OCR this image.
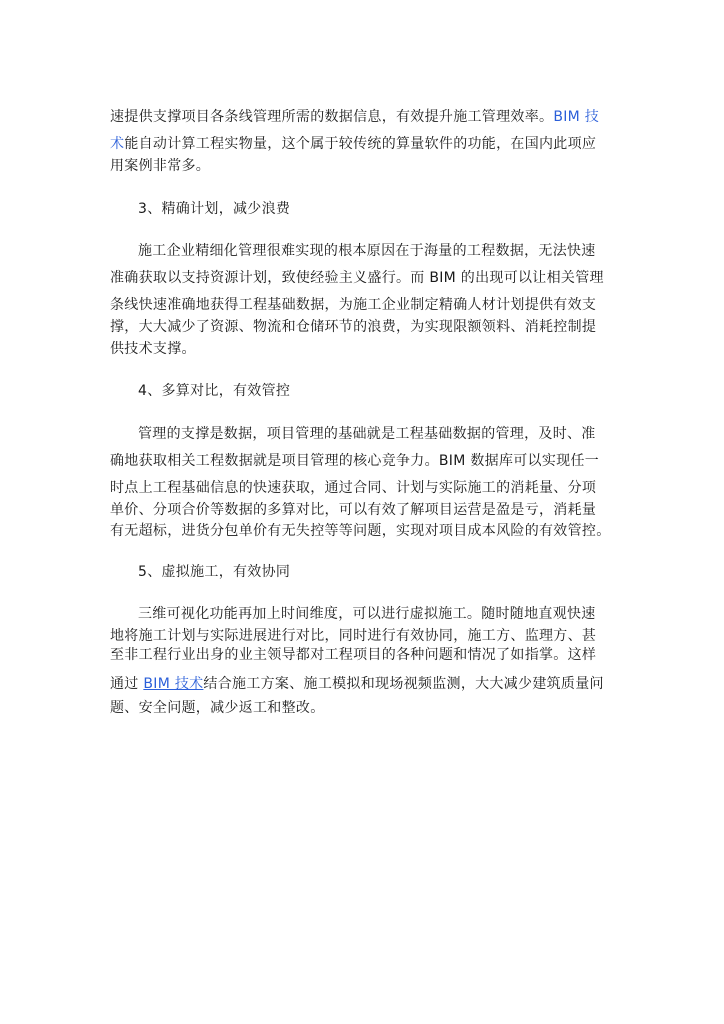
速提供支撑项目各条线管理所需的数据信息，有效提升施工管理效率。BIM 技
术能自动计算工程实物量，这个属于较传统的算量软件的功能，在国内此项应
用案例非常多。
3、精确计划，减少浪费
施工企业精细化管理很难实现的根本原因在于海量的工程数据，无法快速
准确获取以支持资源计划，致使经验主义盛行。而 BIM 的出现可以让相关管理
条线快速准确地获得工程基础数据，为施工企业制定精确人材计划提供有效支
撑，大大减少了资源、物流和仓储环节的浪费，为实现限额领料、消耗控制提
供技术支撑。
4、多算对比，有效管控
管理的支撑是数据，项目管理的基础就是工程基础数据的管理，及时、准
确地获取相关工程数据就是项目管理的核心竞争力。BIM 数据库可以实现任一
时点上工程基础信息的快速获取，通过合同、计划与实际施工的消耗量、分项
单价、分项合价等数据的多算对比，可以有效了解项目运营是盈是亏，消耗量
有无超标，进货分包单价有无失控等等问题，实现对项目成本风险的有效管控。
5、虚拟施工，有效协同
三维可视化功能再加上时间维度，可以进行虚拟施工。随时随地直观快速
地将施工计划与实际进展进行对比，同时进行有效协同，施工方、监理方、甚
至非工程行业出身的业主领导都对工程项目的各种问题和情况了如指掌。这样
通过 BIM 技术结合施工方案、施工模拟和现场视频监测，大大减少建筑质量问
题、安全问题，减少返工和整改。
